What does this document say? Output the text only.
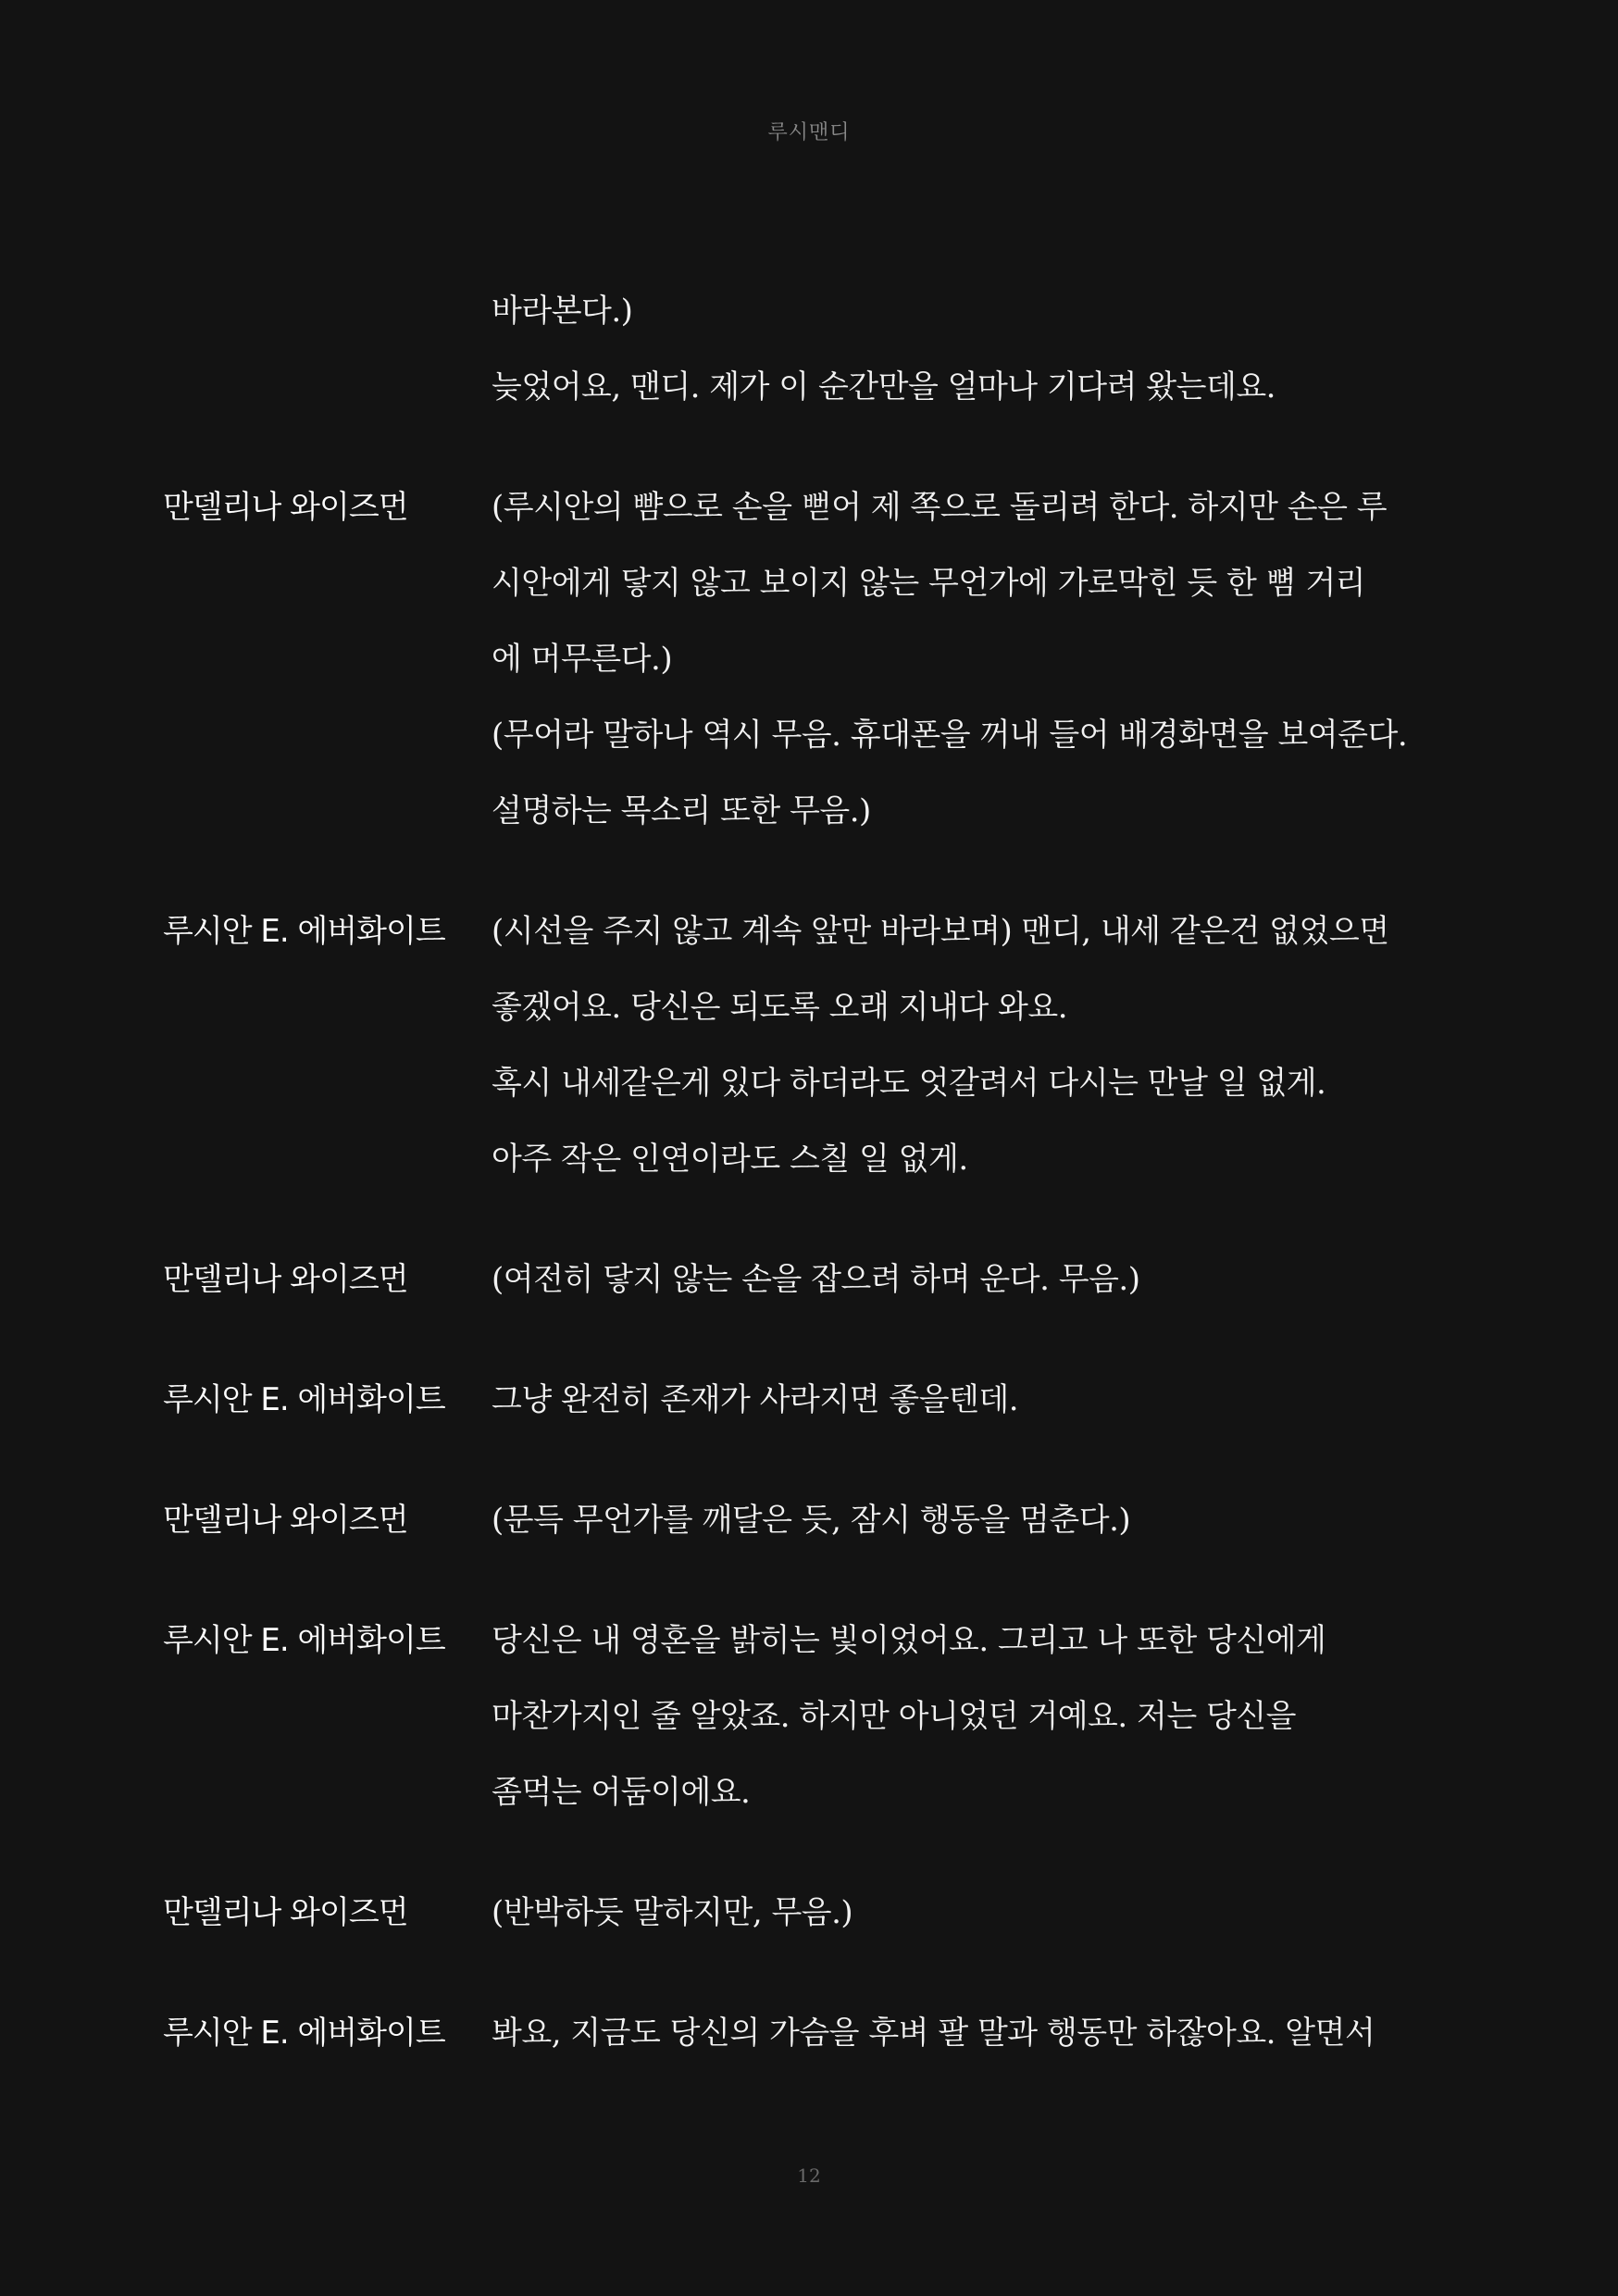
루시맨디
바라본다.)
늦었어요, 맨디. 제가 이 순간만을 얼마나 기다려 왔는데요.
만델리나 와이즈먼	(루시안의 뺨으로 손을 뻗어 제 쪽으로 돌리려 한다. 하지만 손은 루
시안에게 닿지 않고 보이지 않는 무언가에 가로막힌 듯 한 뼘 거리
에 머무른다.)
(무어라 말하나 역시 무음. 휴대폰을 꺼내 들어 배경화면을 보여준다.
설명하는 목소리 또한 무음.)
루시안 E. 에버화이트	(시선을 주지 않고 계속 앞만 바라보며) 맨디, 내세 같은건 없었으면
좋겠어요. 당신은 되도록 오래 지내다 와요.
혹시 내세같은게 있다 하더라도 엇갈려서 다시는 만날 일 없게.
아주 작은 인연이라도 스칠 일 없게.
만델리나 와이즈먼	(여전히 닿지 않는 손을 잡으려 하며 운다. 무음.)
루시안 E. 에버화이트	그냥 완전히 존재가 사라지면 좋을텐데.
만델리나 와이즈먼	(문득 무언가를 깨달은 듯, 잠시 행동을 멈춘다.)
루시안 E. 에버화이트	당신은 내 영혼을 밝히는 빛이었어요. 그리고 나 또한 당신에게
마찬가지인 줄 알았죠. 하지만 아니었던 거예요. 저는 당신을
좀먹는 어둠이에요.
만델리나 와이즈먼	(반박하듯 말하지만, 무음.)
루시안 E. 에버화이트	봐요, 지금도 당신의 가슴을 후벼 팔 말과 행동만 하잖아요. 알면서
12
